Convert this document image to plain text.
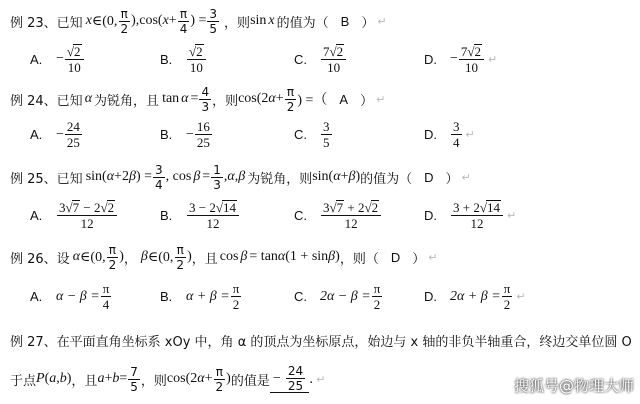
例 23、已知 x ∈(0, $\frac{\pi}{2} ),\cos$( $x + \frac{\pi}{4}$ ) = $\frac{3}{5}$ ，则 sin x 的值为（ B ） ↵
A. − $\frac{√2}{10}$	B.	$\frac{√2}{10}$	C.	$\frac{7√2}{10}$	D. − $\frac{7√2}{10}$ ↵
例 24、已知 α 为锐角，且 $\tan \alpha = \frac{4}{3}$ ，则 cos(2 $\alpha + \frac{\pi}{2}$ ) =（ A ） ↵
A. − $\frac{24}{25}$	B. − $\frac{16}{25}$	C.	$\frac{3}{5}$	D.	$\frac{3}{4}$ ↵
例 25、已知 sin( α +2 β ) = $\frac{3}{4}$ , $\cos \beta = \frac{1}{3}$ , α , β 为锐角，则 sin( α + β ) 的值为（ D ） ↵
A.	$\frac{3√7 - 2√2}{12}$	B.	$\frac{3 - 2√14}{12}$	C.	$\frac{3√7 + 2√2}{12}$	D.	$\frac{3 + 2√14}{12}$ ↵
例 26、设 α ∈(0, $\frac{\pi}{2}$ ) ， β ∈(0, $\frac{\pi}{2}$ ) ，且 cos β = tan α (1 + sin β ) ，则（ D ） ↵
A. $\alpha - \beta = \frac{\pi}{4}$	B. $\alpha + \beta = \frac{\pi}{2}$	C. $2\alpha - \beta = \frac{\pi}{2}$	D. $2\alpha + \beta = \frac{\pi}{2}$ ↵
例 27、在平面直角坐标系 xOy 中，角 α 的顶点为坐标原点，始边与 x 轴的非负半轴重合，终边交单位圆 O
于点 P ( a , b ) ，且 $a + b = \frac{7}{5}$ ，则 cos(2 $\alpha + \frac{\pi}{2}$ ) 的值是 − $\frac{24}{25}$ . ↵	搜狐号@物理大师
